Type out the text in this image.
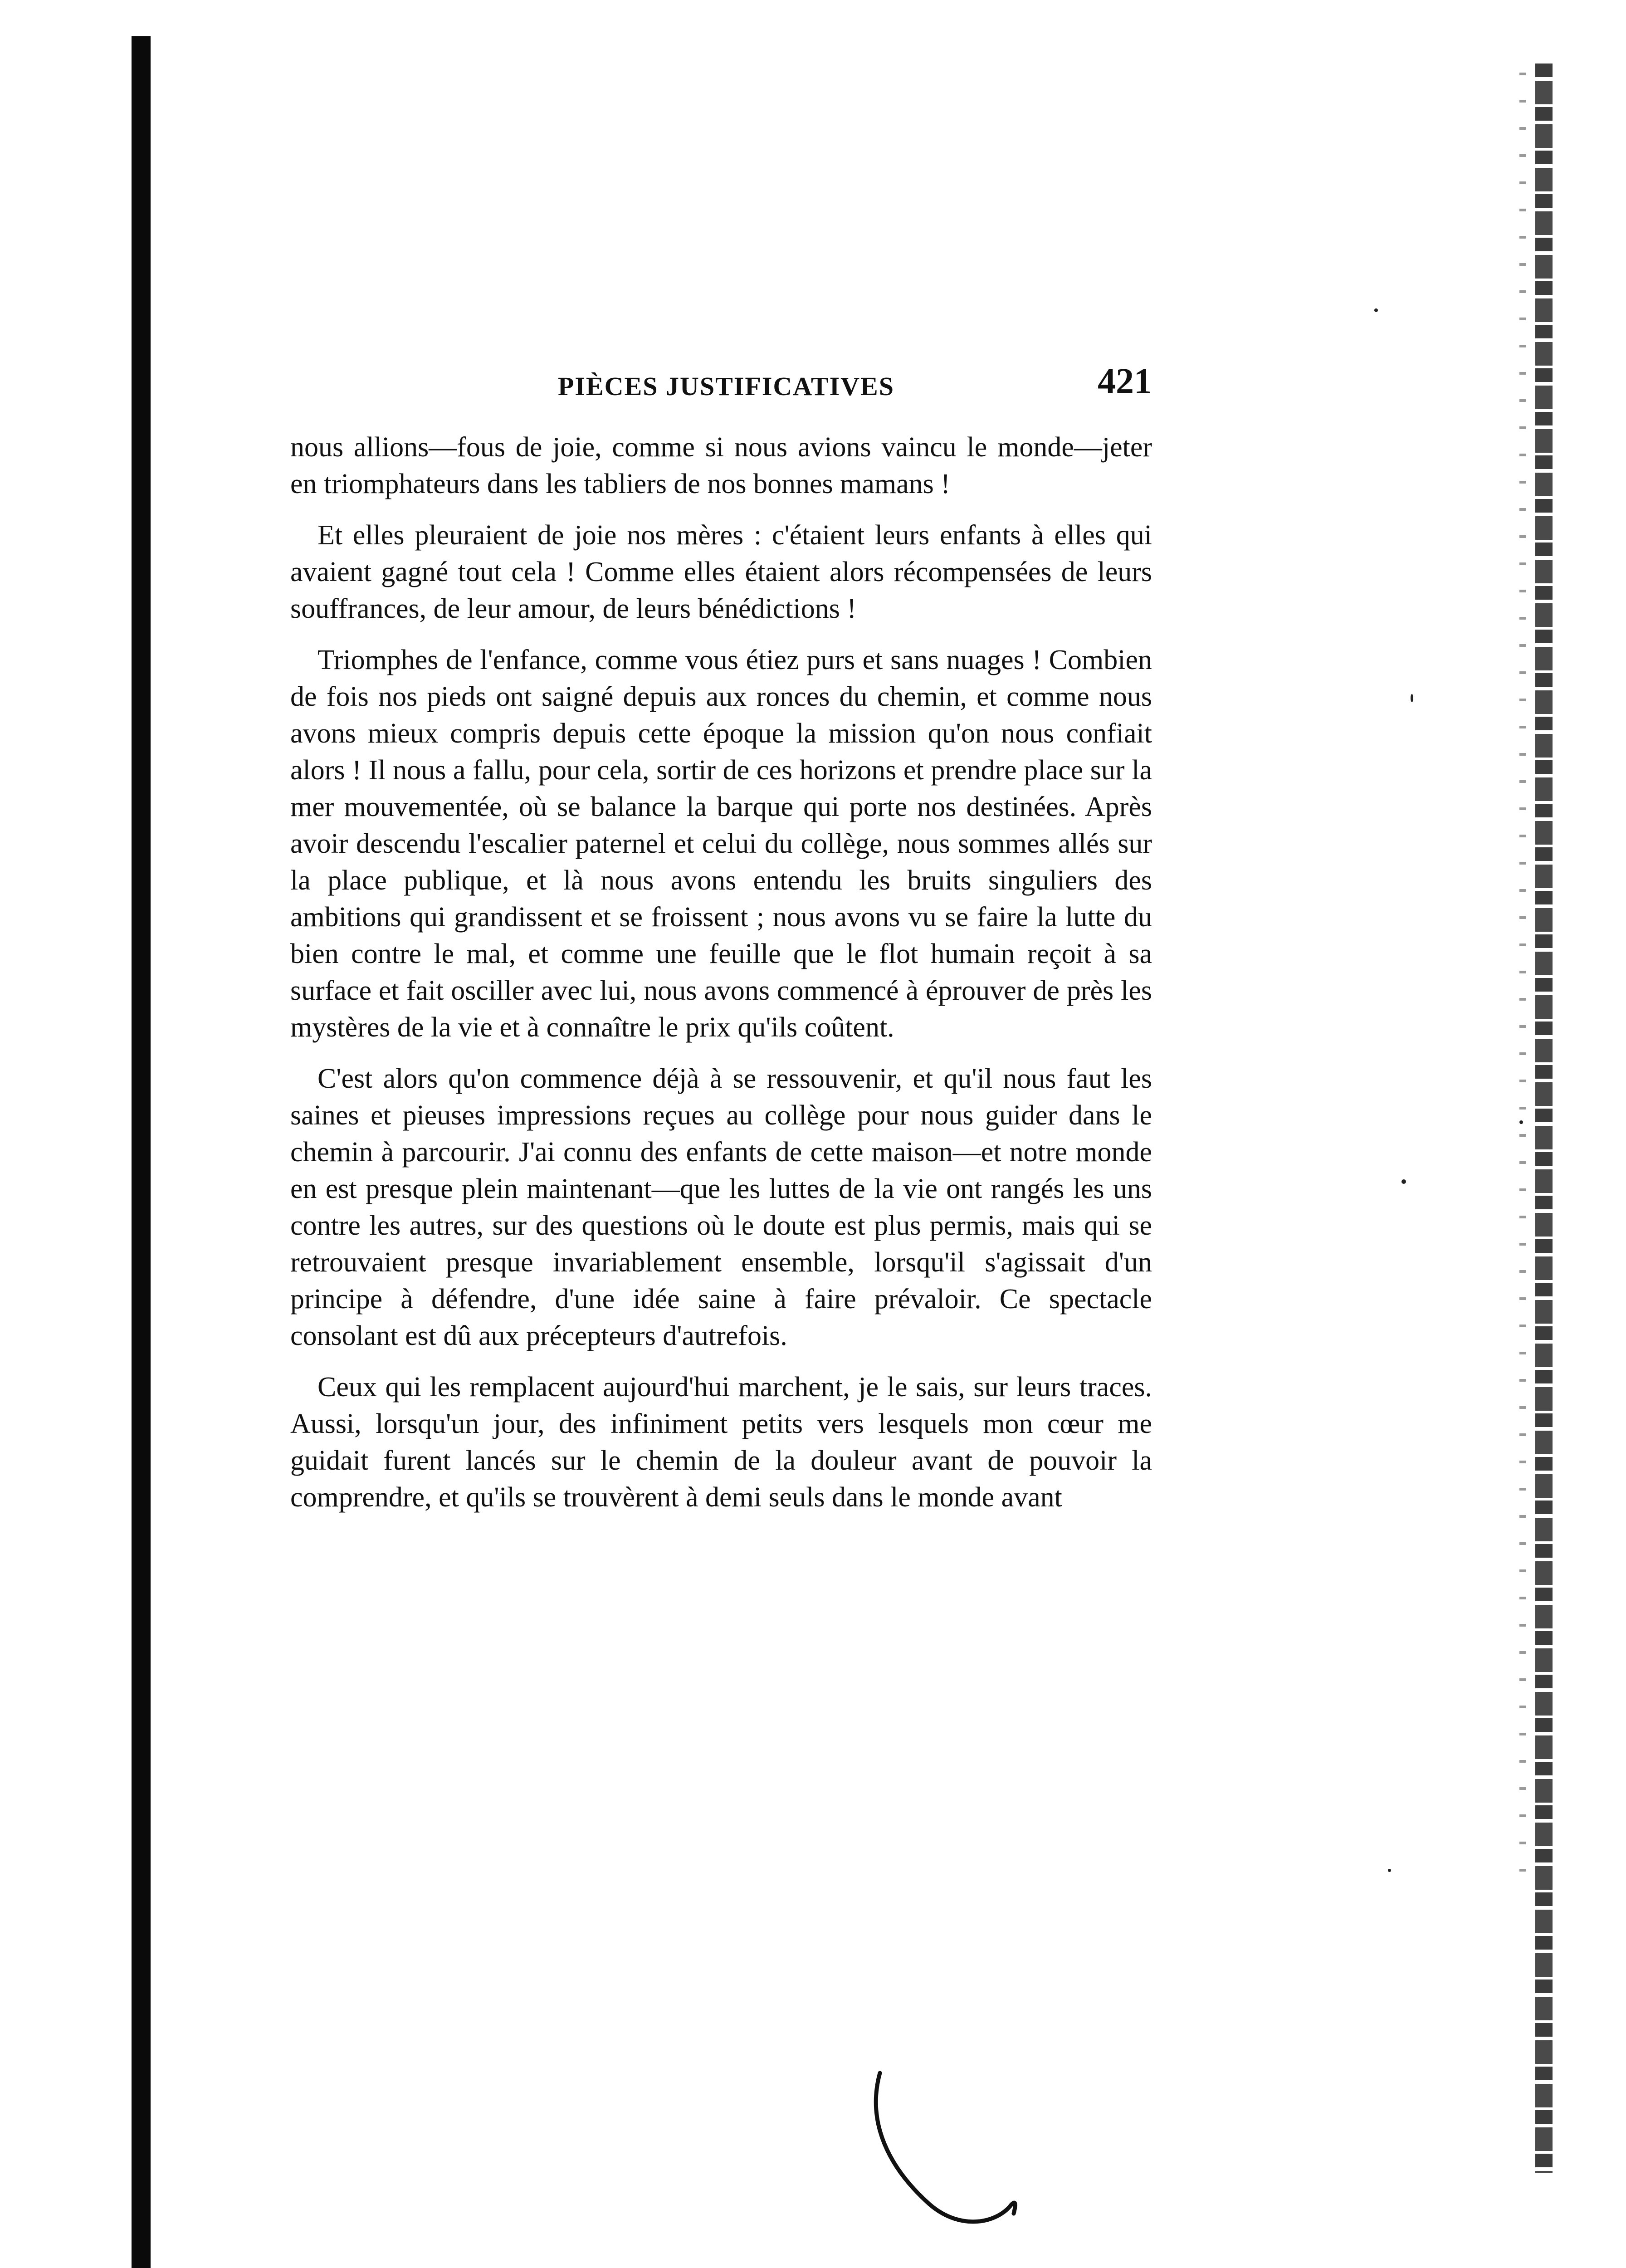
PIÈCES JUSTIFICATIVES	421

nous allions—fous de joie, comme si nous avions vaincu le monde—jeter en triomphateurs dans les tabliers de nos bonnes mamans !

Et elles pleuraient de joie nos mères : c'étaient leurs enfants à elles qui avaient gagné tout cela ! Comme elles étaient alors récompensées de leurs souffrances, de leur amour, de leurs bénédictions !

Triomphes de l'enfance, comme vous étiez purs et sans nuages ! Combien de fois nos pieds ont saigné depuis aux ronces du chemin, et comme nous avons mieux compris depuis cette époque la mission qu'on nous confiait alors ! Il nous a fallu, pour cela, sortir de ces horizons et prendre place sur la mer mouvementée, où se balance la barque qui porte nos destinées. Après avoir descendu l'escalier paternel et celui du collège, nous sommes allés sur la place publique, et là nous avons entendu les bruits singuliers des ambitions qui grandissent et se froissent ; nous avons vu se faire la lutte du bien contre le mal, et comme une feuille que le flot humain reçoit à sa surface et fait osciller avec lui, nous avons commencé à éprouver de près les mystères de la vie et à connaître le prix qu'ils coûtent.

C'est alors qu'on commence déjà à se ressouvenir, et qu'il nous faut les saines et pieuses impressions reçues au collège pour nous guider dans le chemin à parcourir. J'ai connu des enfants de cette maison—et notre monde en est presque plein maintenant—que les luttes de la vie ont rangés les uns contre les autres, sur des questions où le doute est plus permis, mais qui se retrouvaient presque invariablement ensemble, lorsqu'il s'agissait d'un principe à défendre, d'une idée saine à faire prévaloir. Ce spectacle consolant est dû aux précepteurs d'autrefois.

Ceux qui les remplacent aujourd'hui marchent, je le sais, sur leurs traces. Aussi, lorsqu'un jour, des infiniment petits vers lesquels mon cœur me guidait furent lancés sur le chemin de la douleur avant de pouvoir la comprendre, et qu'ils se trouvèrent à demi seuls dans le monde avant
